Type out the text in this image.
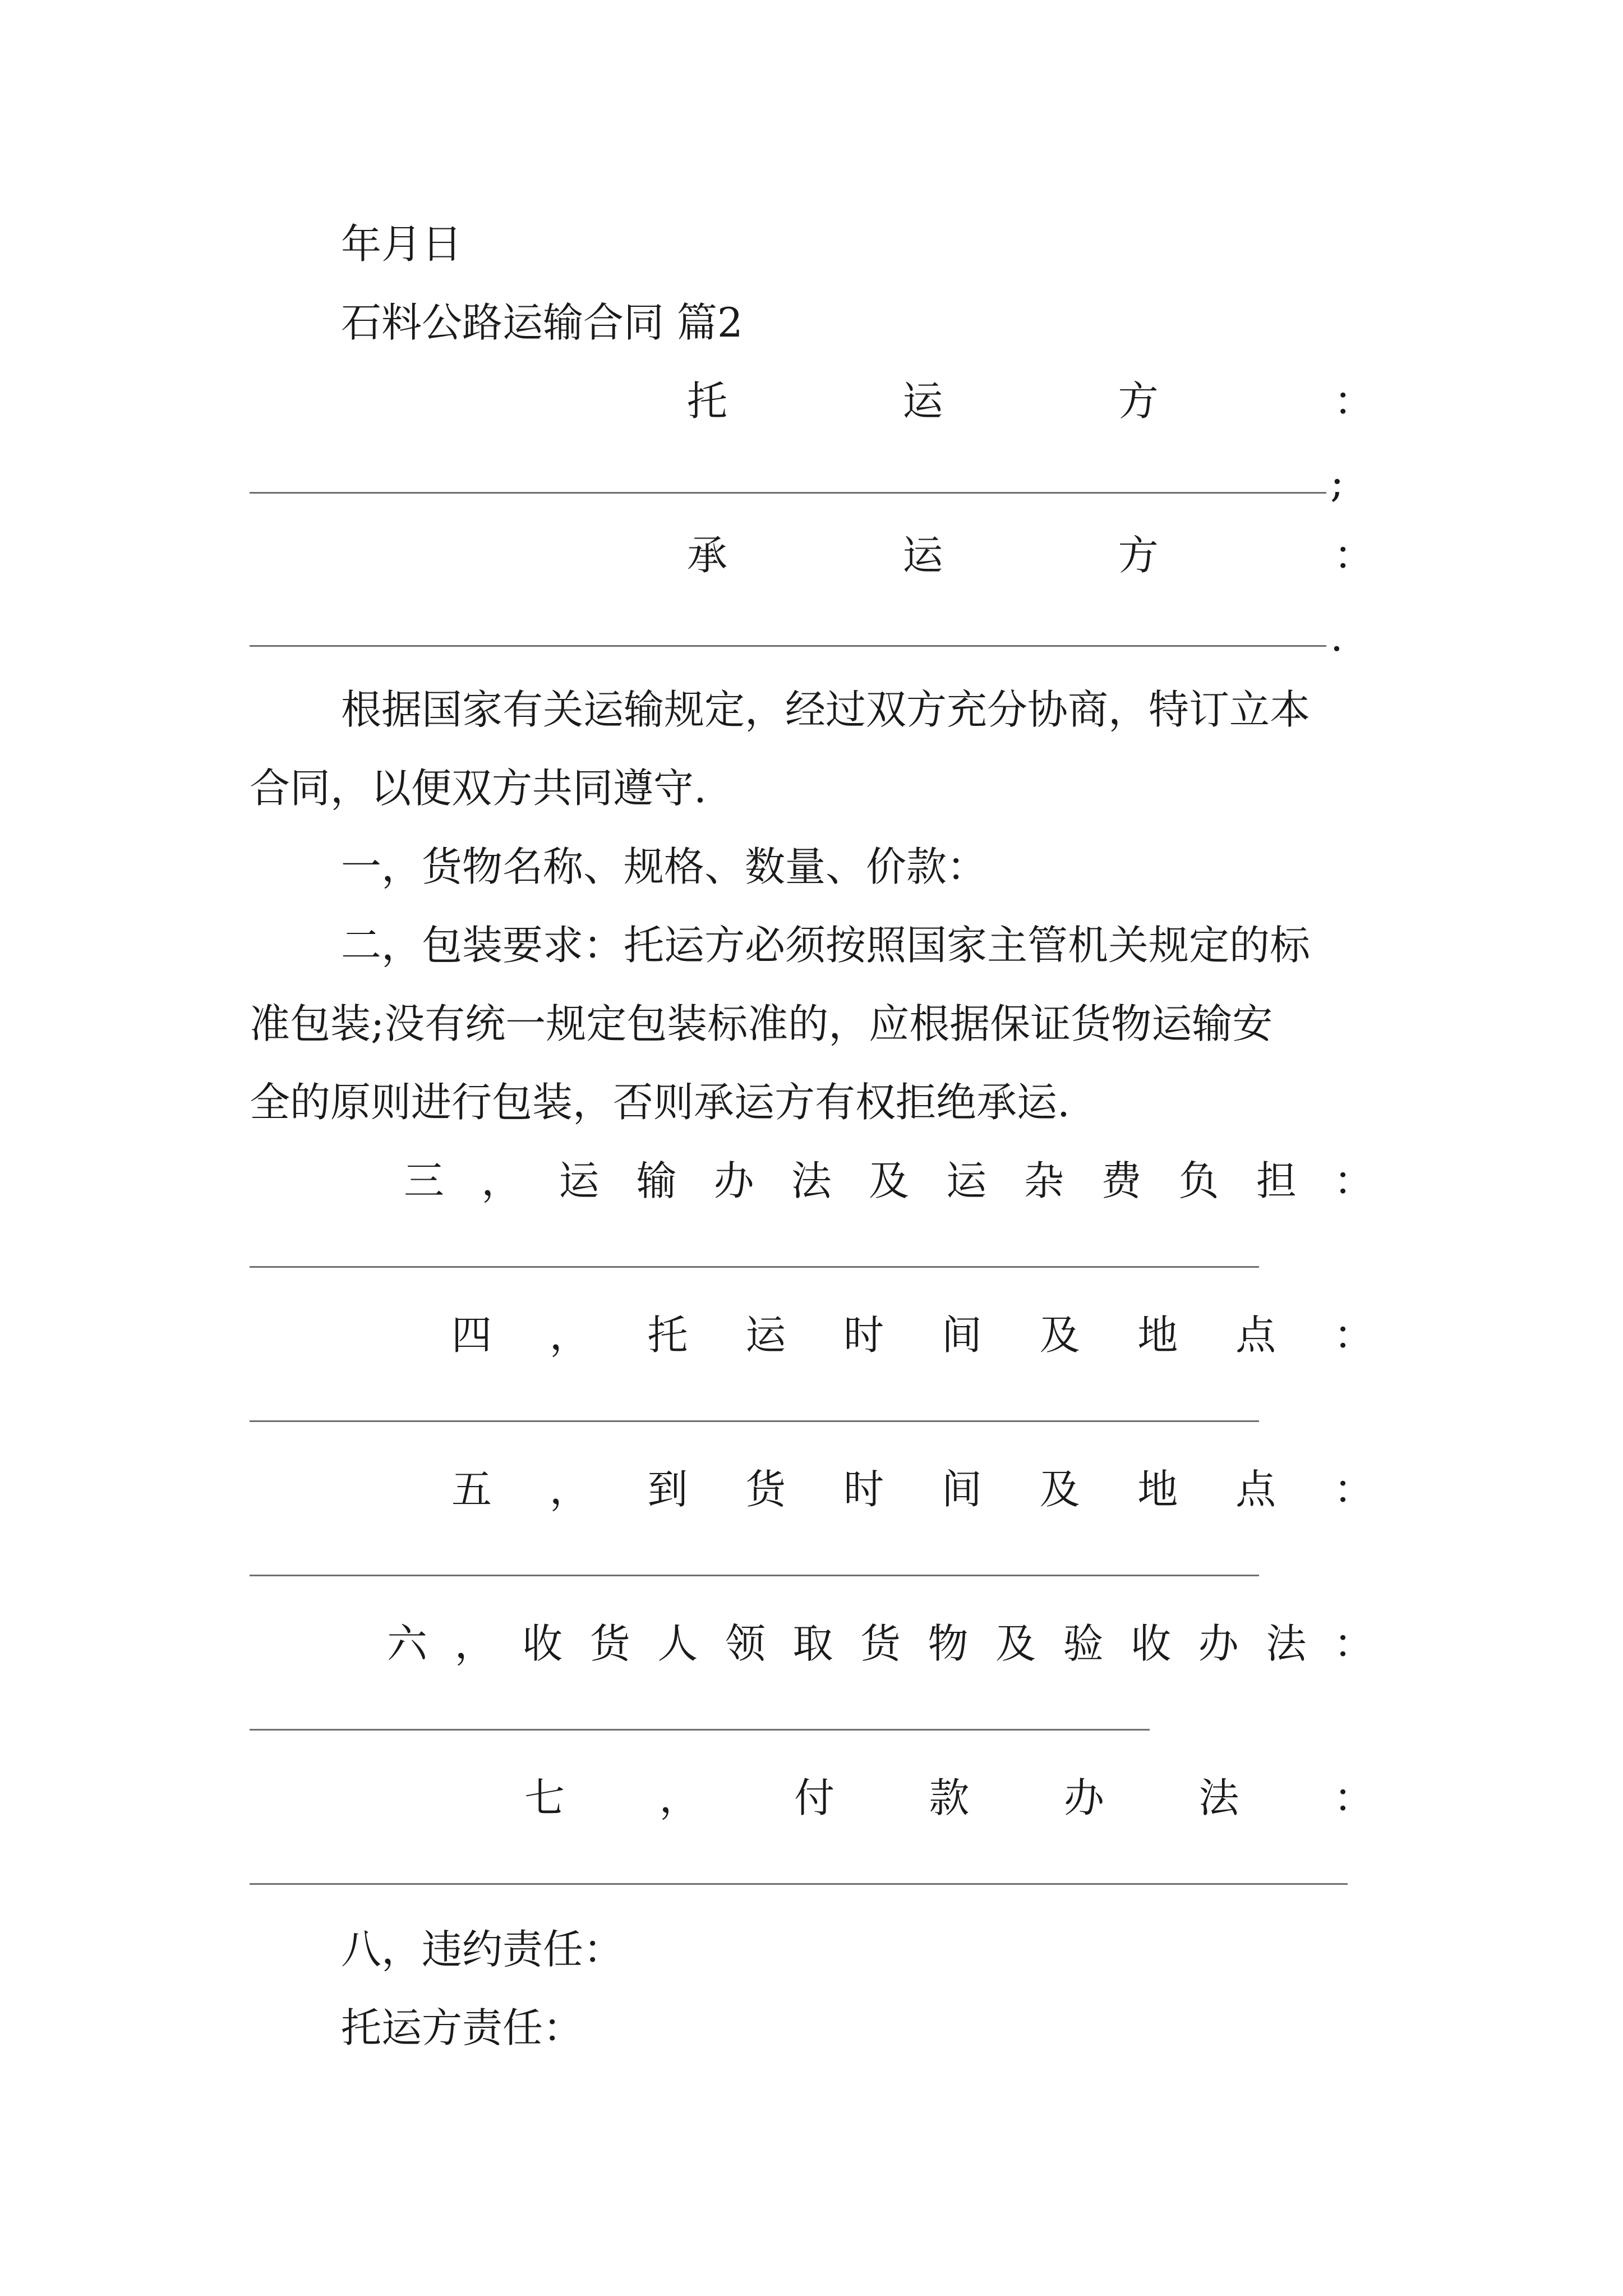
年月日
石料公路运输合同 篇2
托	运	方	：
;
承	运	方	：
.
根据国家有关运输规定，经过双方充分协商，特订立本
合同，以便双方共同遵守.
一，货物名称、规格、数量、价款：
二，包装要求：托运方必须按照国家主管机关规定的标
准包装;没有统一规定包装标准的，应根据保证货物运输安
全的原则进行包装，否则承运方有权拒绝承运.
三 ， 运 输 办 法 及 运 杂 费 负 担 ：
四 ， 托 运 时 间 及 地 点 ：
五 ， 到 货 时 间 及 地 点 ：
六 ， 收 货 人 领 取 货 物 及 验 收 办 法 ：
七 ， 付 款 办 法 ：
八，违约责任：
托运方责任：
